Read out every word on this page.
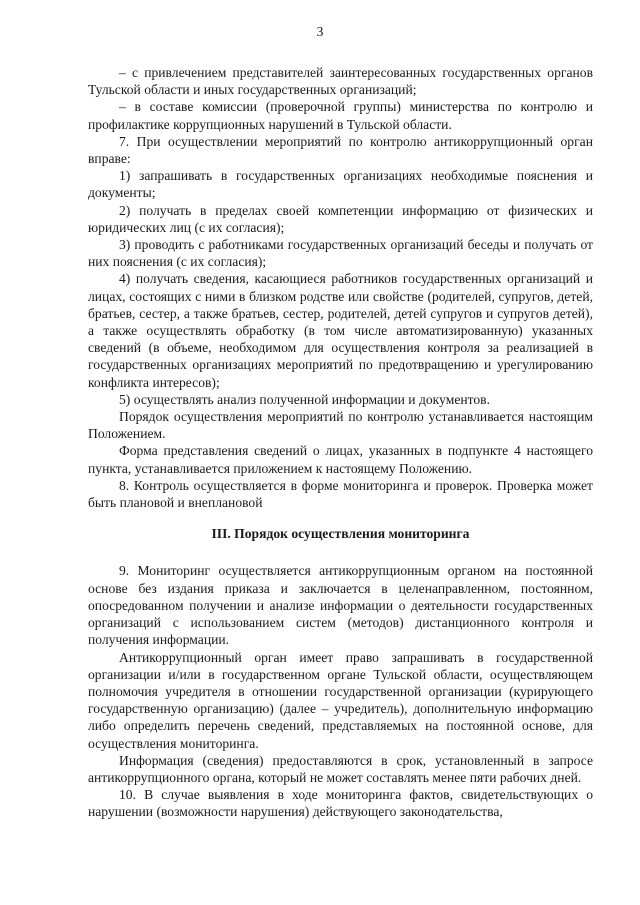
3

– с привлечением представителей заинтересованных государственных органов Тульской области и иных государственных организаций;

– в составе комиссии (проверочной группы) министерства по контролю и профилактике коррупционных нарушений в Тульской области.

7. При осуществлении мероприятий по контролю антикоррупционный орган вправе:

1) запрашивать в государственных организациях необходимые пояснения и документы;

2) получать в пределах своей компетенции информацию от физических и юридических лиц (с их согласия);

3) проводить с работниками государственных организаций беседы и получать от них пояснения (с их согласия);

4) получать сведения, касающиеся работников государственных организаций и лицах, состоящих с ними в близком родстве или свойстве (родителей, супругов, детей, братьев, сестер, а также братьев, сестер, родителей, детей супругов и супругов детей), а также осуществлять обработку (в том числе автоматизированную) указанных сведений (в объеме, необходимом для осуществления контроля за реализацией в государственных организациях мероприятий по предотвращению и урегулированию конфликта интересов);

5) осуществлять анализ полученной информации и документов.

Порядок осуществления мероприятий по контролю устанавливается настоящим Положением.

Форма представления сведений о лицах, указанных в подпункте 4 настоящего пункта, устанавливается приложением к настоящему Положению.

8. Контроль осуществляется в форме мониторинга и проверок. Проверка может быть плановой и внеплановой

III. Порядок осуществления мониторинга

9. Мониторинг осуществляется антикоррупционным органом на постоянной основе без издания приказа и заключается в целенаправленном, постоянном, опосредованном получении и анализе информации о деятельности государственных организаций с использованием систем (методов) дистанционного контроля и получения информации.

Антикоррупционный орган имеет право запрашивать в государственной организации и/или в государственном органе Тульской области, осуществляющем полномочия учредителя в отношении государственной организации (курирующего государственную организацию) (далее – учредитель), дополнительную информацию либо определить перечень сведений, представляемых на постоянной основе, для осуществления мониторинга.

Информация (сведения) предоставляются в срок, установленный в запросе антикоррупционного органа, который не может составлять менее пяти рабочих дней.

10. В случае выявления в ходе мониторинга фактов, свидетельствующих о нарушении (возможности нарушения) действующего законодательства,
